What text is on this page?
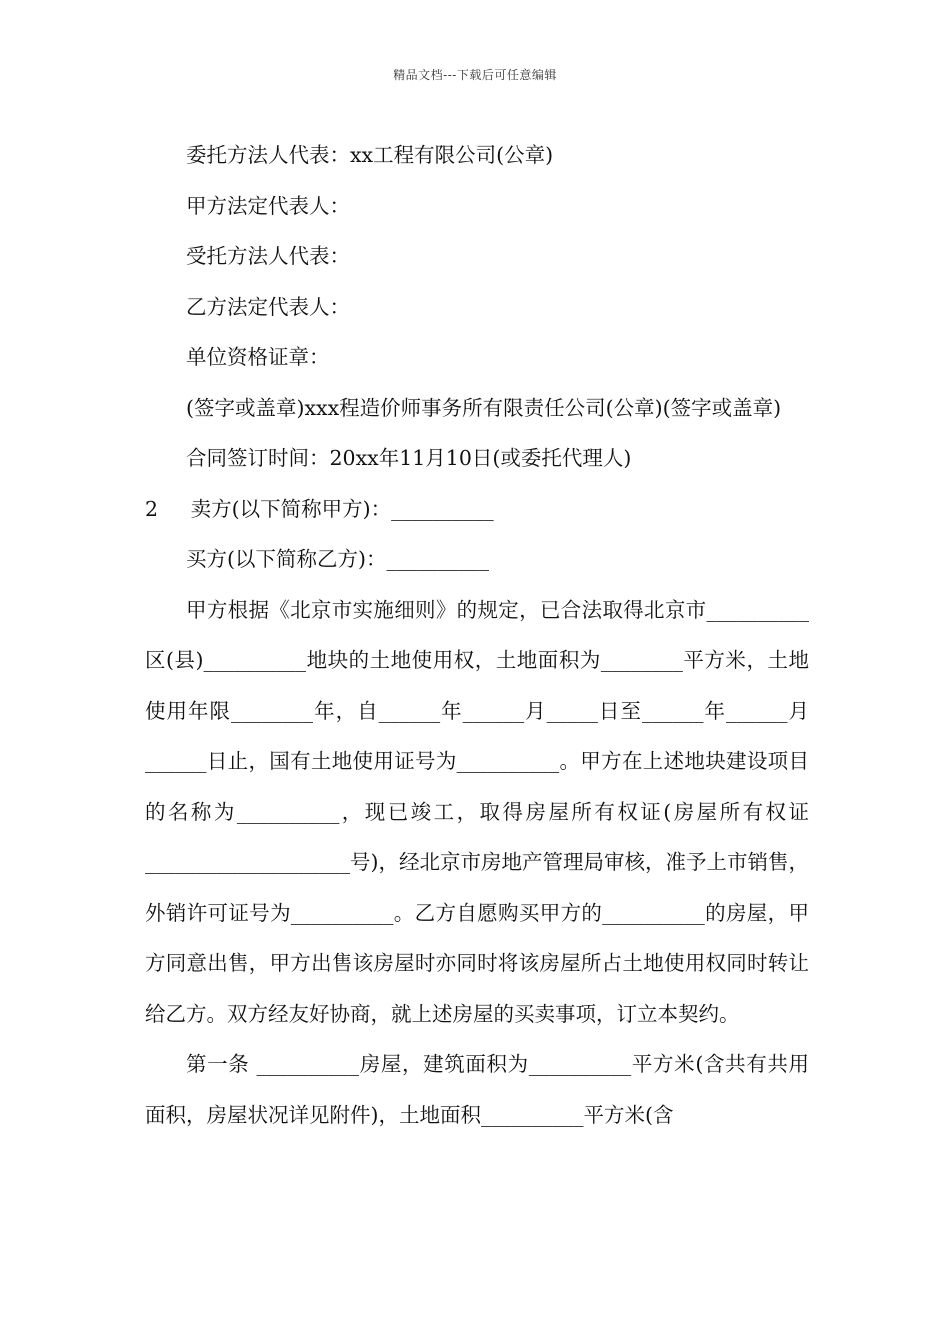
精品文档---下载后可任意编辑

委托方法人代表：xx工程有限公司(公章)

甲方法定代表人：

受托方法人代表：

乙方法定代表人：

单位资格证章：

(签字或盖章)xxx程造价师事务所有限责任公司(公章)(签字或盖章)

合同签订时间：20xx年11月10日(或委托代理人)

2 卖方(以下简称甲方)：__________

买方(以下简称乙方)：__________

甲方根据《北京市实施细则》的规定，已合法取得北京市__________区(县)__________地块的土地使用权，土地面积为________平方米，土地使用年限________年，自______年______月_____日至______年______月______日止，国有土地使用证号为__________。甲方在上述地块建设项目的名称为__________，现已竣工，取得房屋所有权证(房屋所有权证____________________号)，经北京市房地产管理局审核，准予上市销售，外销许可证号为__________。乙方自愿购买甲方的__________的房屋，甲方同意出售，甲方出售该房屋时亦同时将该房屋所占土地使用权同时转让给乙方。双方经友好协商，就上述房屋的买卖事项，订立本契约。

第一条 __________房屋，建筑面积为__________平方米(含共有共用面积，房屋状况详见附件)，土地面积__________平方米(含
